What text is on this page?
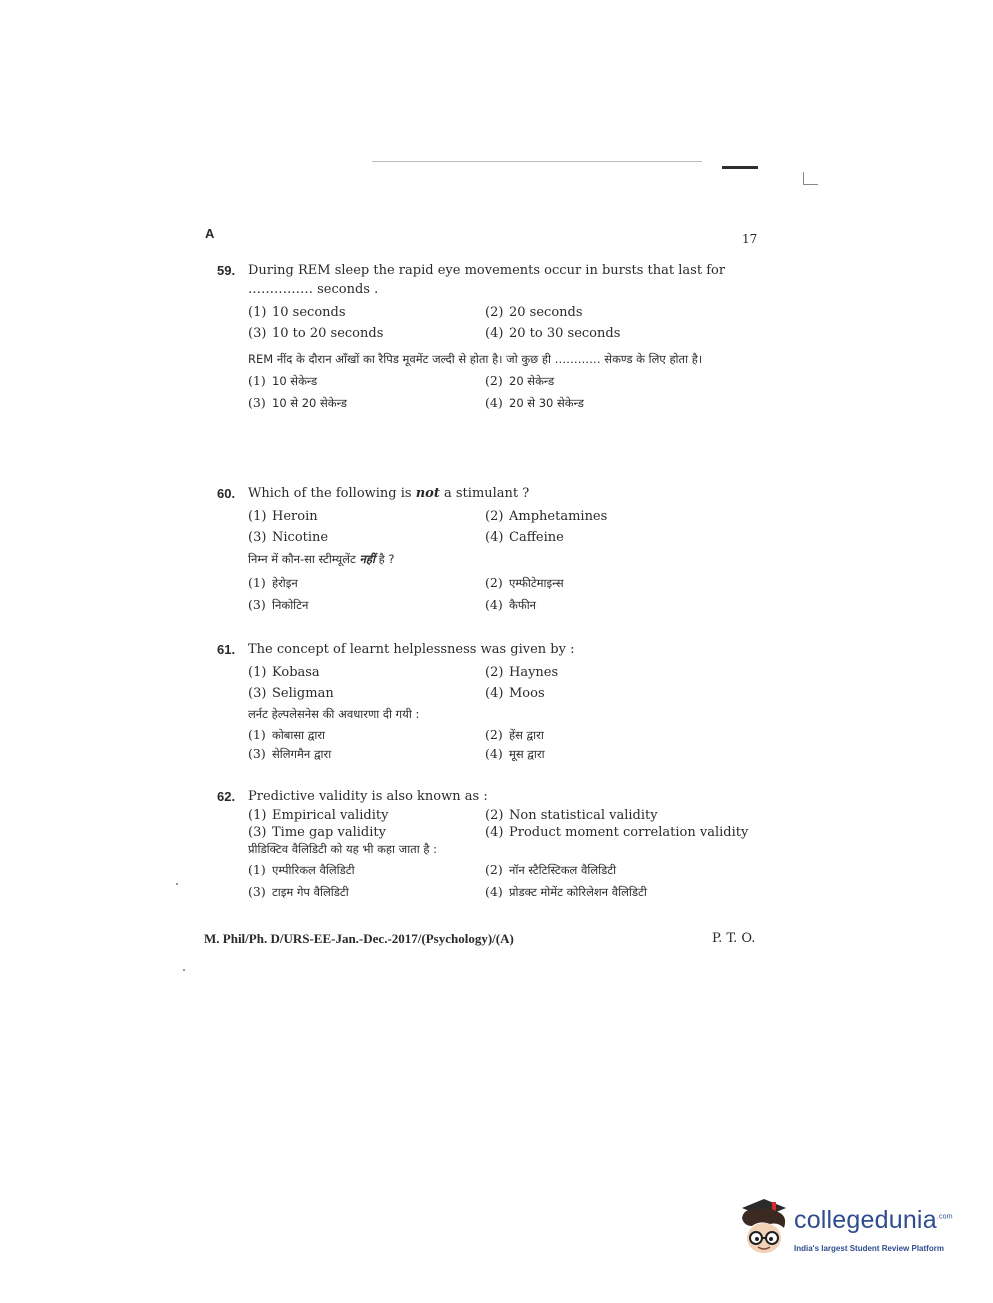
A	17
59. During REM sleep the rapid eye movements occur in bursts that last for …………… seconds .
(1) 10 seconds	(2) 20 seconds
(3) 10 to 20 seconds	(4) 20 to 30 seconds
REM नींद के दौरान आँखों का रैपिड मूवमेंट जल्दी से होता है। जो कुछ ही ………… सेकण्ड के लिए होता है।
(1) 10 सेकेन्ड	(2) 20 सेकेन्ड
(3) 10 से 20 सेकेन्ड	(4) 20 से 30 सेकेन्ड
60. Which of the following is not a stimulant ?
(1) Heroin	(2) Amphetamines
(3) Nicotine	(4) Caffeine
निम्न में कौन-सा स्टीम्यूलेंट नहीं है ?
(1) हेरोइन	(2) एम्फीटेमाइन्स
(3) निकोटिन	(4) कैफीन
61. The concept of learnt helplessness was given by :
(1) Kobasa	(2) Haynes
(3) Seligman	(4) Moos
लर्नट हेल्पलेसनेस की अवधारणा दी गयी :
(1) कोबासा द्वारा	(2) हेंस द्वारा
(3) सेलिगमैन द्वारा	(4) मूस द्वारा
62. Predictive validity is also known as :
(1) Empirical validity	(2) Non statistical validity
(3) Time gap validity	(4) Product moment correlation validity
प्रीडिक्टिव वैलिडिटी को यह भी कहा जाता है :
(1) एम्पीरिकल वैलिडिटी	(2) नॉन स्टैटिस्टिकल वैलिडिटी
(3) टाइम गेप वैलिडिटी	(4) प्रोडक्ट मोमेंट कोरिलेशन वैलिडिटी
M. Phil/Ph. D/URS-EE-Jan.-Dec.-2017/(Psychology)/(A)	P. T. O.
collegedunia$^{.com}$
India's largest Student Review Platform
